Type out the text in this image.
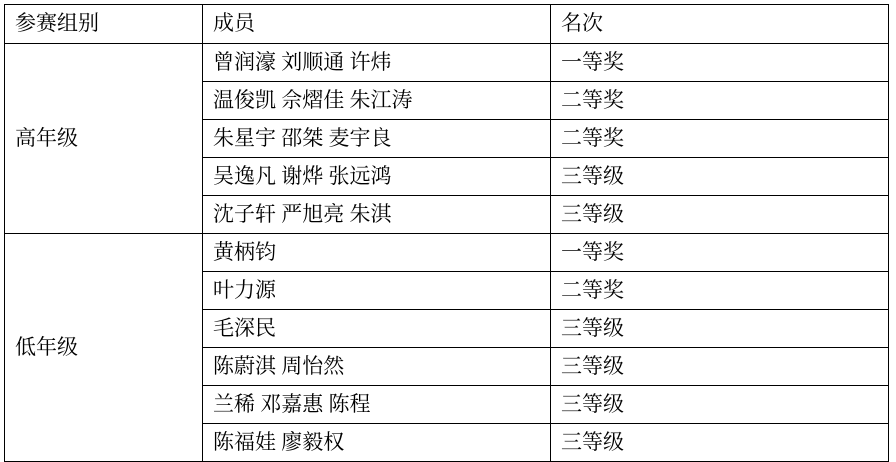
参赛组别	成员	名次
高年级	曾润濠 刘顺通 许炜	一等奖
	温俊凯 佘熠佳 朱江涛	二等奖
	朱星宇 邵桀 麦宇良	二等奖
	吴逸凡 谢烨 张远鸿	三等级
	沈子轩 严旭亮 朱淇	三等级
低年级	黄柄钧	一等奖
	叶力源	二等奖
	毛深民	三等级
	陈蔚淇 周怡然	三等级
	兰稀 邓嘉惠 陈程	三等级
	陈福娃 廖毅权	三等级
